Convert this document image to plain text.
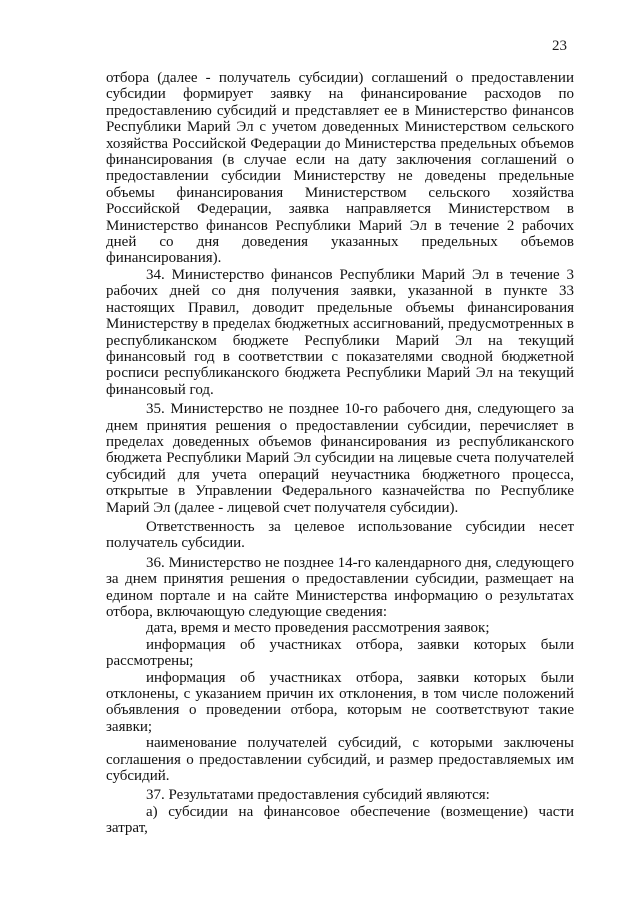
23

отбора (далее - получатель субсидии) соглашений о предоставлении субсидии формирует заявку на финансирование расходов по предоставлению субсидий и представляет ее в Министерство финансов Республики Марий Эл с учетом доведенных Министерством сельского хозяйства Российской Федерации до Министерства предельных объемов финансирования (в случае если на дату заключения соглашений о предоставлении субсидии Министерству не доведены предельные объемы финансирования Министерством сельского хозяйства Российской Федерации, заявка направляется Министерством в Министерство финансов Республики Марий Эл в течение 2 рабочих дней со дня доведения указанных предельных объемов финансирования).

34. Министерство финансов Республики Марий Эл в течение 3 рабочих дней со дня получения заявки, указанной в пункте 33 настоящих Правил, доводит предельные объемы финансирования Министерству в пределах бюджетных ассигнований, предусмотренных в республиканском бюджете Республики Марий Эл на текущий финансовый год в соответствии с показателями сводной бюджетной росписи республиканского бюджета Республики Марий Эл на текущий финансовый год.

35. Министерство не позднее 10-го рабочего дня, следующего за днем принятия решения о предоставлении субсидии, перечисляет в пределах доведенных объемов финансирования из республиканского бюджета Республики Марий Эл субсидии на лицевые счета получателей субсидий для учета операций неучастника бюджетного процесса, открытые в Управлении Федерального казначейства по Республике Марий Эл (далее - лицевой счет получателя субсидии).

Ответственность за целевое использование субсидии несет получатель субсидии.

36. Министерство не позднее 14-го календарного дня, следующего за днем принятия решения о предоставлении субсидии, размещает на едином портале и на сайте Министерства информацию о результатах отбора, включающую следующие сведения:

дата, время и место проведения рассмотрения заявок;

информация об участниках отбора, заявки которых были рассмотрены;

информация об участниках отбора, заявки которых были отклонены, с указанием причин их отклонения, в том числе положений объявления о проведении отбора, которым не соответствуют такие заявки;

наименование получателей субсидий, с которыми заключены соглашения о предоставлении субсидий, и размер предоставляемых им субсидий.

37. Результатами предоставления субсидий являются:

а) субсидии на финансовое обеспечение (возмещение) части затрат,
